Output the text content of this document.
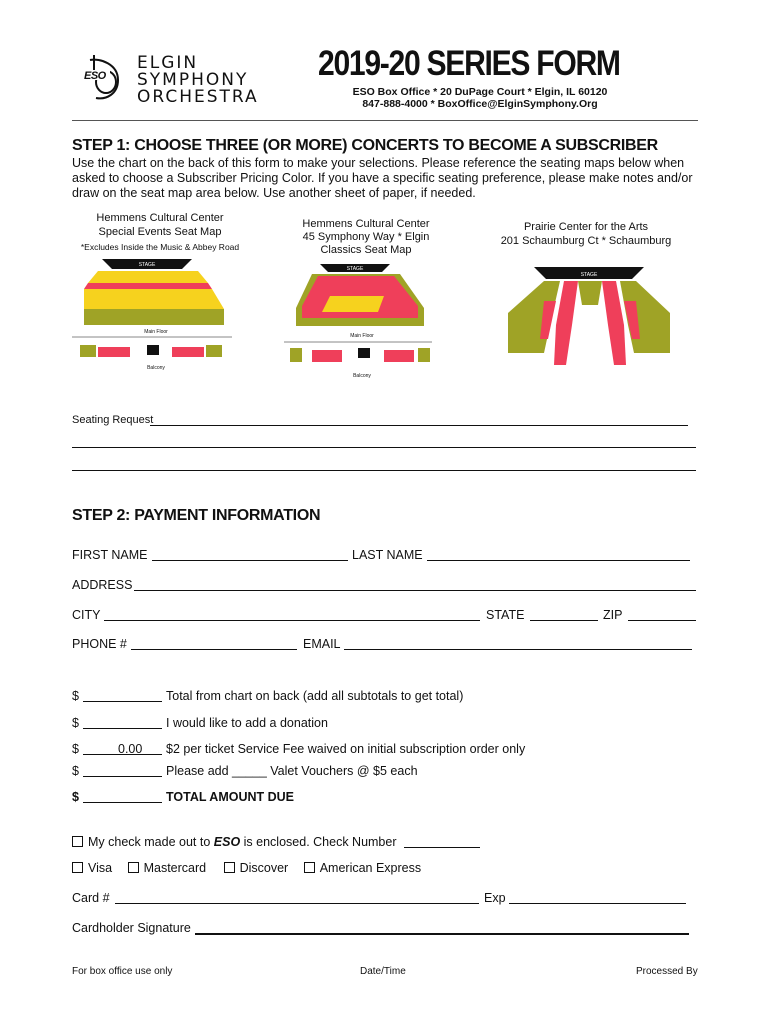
ESO
ELGIN
SYMPHONY
ORCHESTRA
2019-20 SERIES FORM
ESO Box Office * 20 DuPage Court * Elgin, IL 60120
847-888-4000 * BoxOffice@ElginSymphony.Org
STEP 1: CHOOSE THREE (OR MORE) CONCERTS TO BECOME A SUBSCRIBER
Use the chart on the back of this form to make your selections. Please reference the seating maps below when asked to choose a Subscriber Pricing Color. If you have a specific seating preference, please make notes and/or draw on the seat map area below. Use another sheet of paper, if needed.
Hemmens Cultural Center
Special Events Seat Map
*Excludes Inside the Music & Abbey Road
STAGE
Main Floor
Balcony
Hemmens Cultural Center
45 Symphony Way * Elgin
Classics Seat Map
STAGE
Main Floor
Balcony
Prairie Center for the Arts
201 Schaumburg Ct * Schaumburg
STAGE
Seating Request
STEP 2: PAYMENT INFORMATION
FIRST NAME	LAST NAME
ADDRESS
CITY	STATE	ZIP
PHONE #	EMAIL
$	Total from chart on back (add all subtotals to get total)
$	I would like to add a donation
$	0.00 $2 per ticket Service Fee waived on initial subscription order only
$	Please add _____ Valet Vouchers @ $5 each
$	TOTAL AMOUNT DUE
My check made out to ESO is enclosed. Check Number
Visa	Mastercard	Discover	American Express
Card #	Exp
Cardholder Signature
For box office use only	Date/Time	Processed By
